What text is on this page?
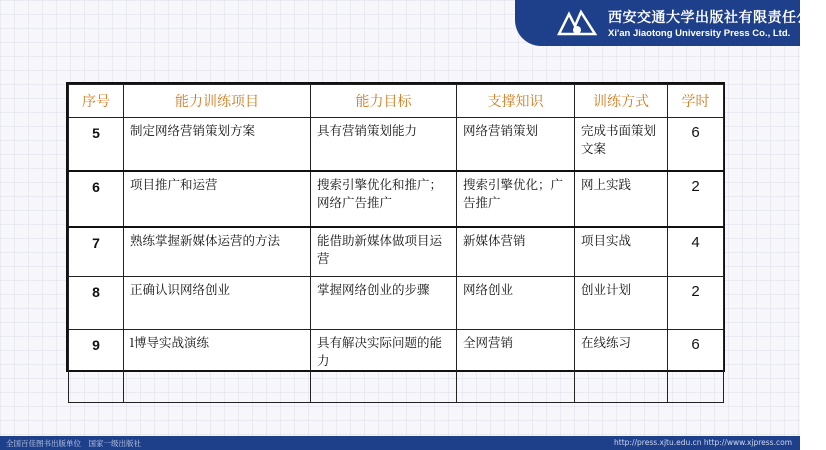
西安交通大学出版社有限责任公司
Xi'an Jiaotong University Press Co., Ltd.
序号	能力训练项目	能力目标	支撑知识	训练方式	学时
5	制定网络营销策划方案	具有营销策划能力	网络营销策划	完成书面策划文案	6
6	项目推广和运营	搜索引擎优化和推广；网络广告推广	搜索引擎优化；广告推广	网上实践	2
7	熟练掌握新媒体运营的方法	能借助新媒体做项目运营	新媒体营销	项目实战	4
8	正确认识网络创业	掌握网络创业的步骤	网络创业	创业计划	2
9	l博导实战演练	具有解决实际问题的能力	全网营销	在线练习	6
全国百佳图书出版单位　国家一级出版社	http://press.xjtu.edu.cn http://www.xjpress.com
